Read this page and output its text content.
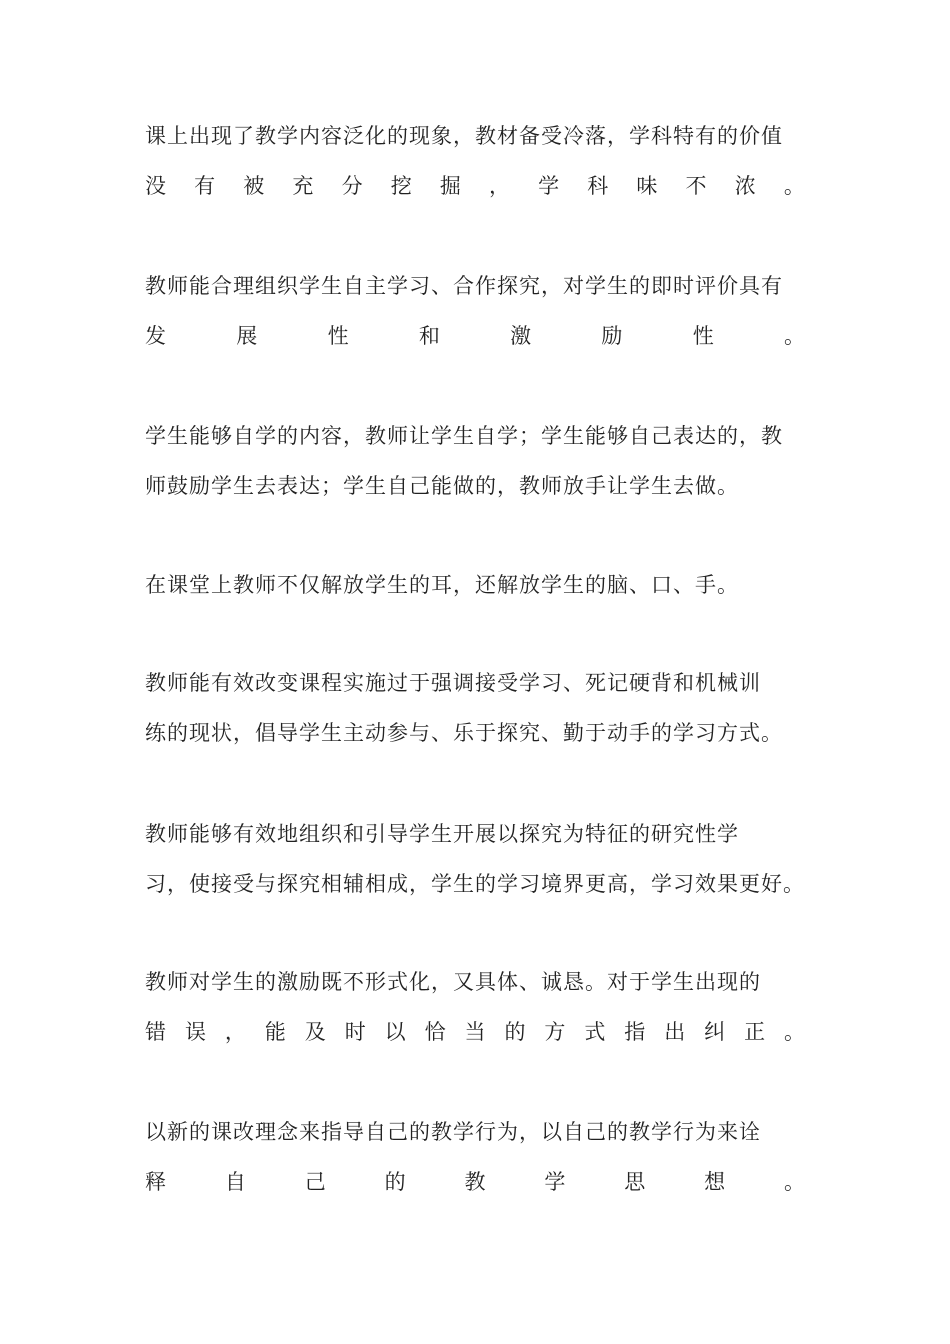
课上出现了教学内容泛化的现象，教材备受冷落，学科特有的价值
没 有 被 充 分 挖 掘 ， 学 科 味 不 浓 。
教师能合理组织学生自主学习、合作探究，对学生的即时评价具有
发	展	性	和	激	励	性	。
学生能够自学的内容，教师让学生自学；学生能够自己表达的，教
师鼓励学生去表达；学生自己能做的，教师放手让学生去做。
在课堂上教师不仅解放学生的耳，还解放学生的脑、口、手。
教师能有效改变课程实施过于强调接受学习、死记硬背和机械训
练的现状，倡导学生主动参与、乐于探究、勤于动手的学习方式。
教师能够有效地组织和引导学生开展以探究为特征的研究性学
习，使接受与探究相辅相成，学生的学习境界更高，学习效果更好。
教师对学生的激励既不形式化，又具体、诚恳。对于学生出现的
错 误 ， 能 及 时 以 恰 当 的 方 式 指 出 纠 正 。
以新的课改理念来指导自己的教学行为，以自己的教学行为来诠
释	自	己	的	教	学	思	想	。
